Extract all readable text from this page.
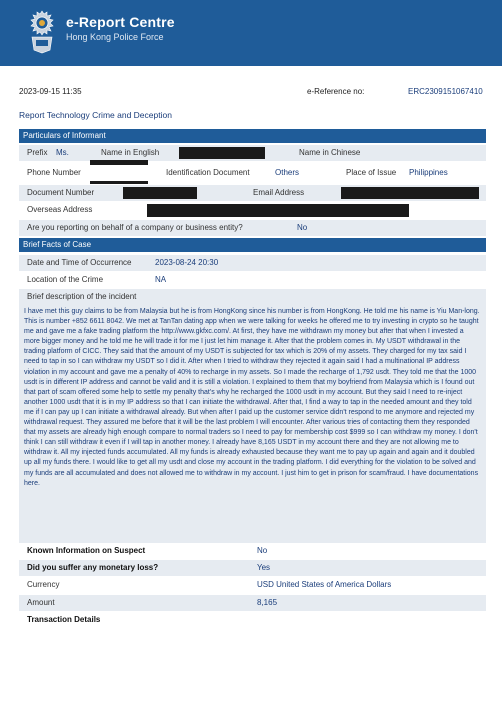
e-Report Centre
Hong Kong Police Force
2023-09-15 11:35	e-Reference no:	ERC2309151067410
Report Technology Crime and Deception
Particulars of Informant
Prefix Ms.	Name in English	Name in Chinese
Phone Number	Identification Document	Others	Place of Issue Philippines
Document Number	Email Address
Overseas Address
Are you reporting on behalf of a company or business entity?	No
Brief Facts of Case
Date and Time of Occurrence	2023-08-24 20:30
Location of the Crime	NA
Brief description of the incident

I have met this guy claims to be from Malaysia but he is from HongKong since his number is from HongKong. He told me his name is Yiu Man-long. This is number +852 6611 8042. We met at TanTan dating app when we were talking for weeks he offered me to try investing in crypto so he taught me and gave me a fake trading platform the http://www.gkfxc.com/. At first, they have me withdrawn my money but after that when I invested a more bigger money and he told me he will trade it for me I just let him manage it. After that the problem comes in. My USDT withdrawal in the trading platform of CICC. They said that the amount of my USDT is subjected for tax which is 20% of my assets. They charged for my tax said I need to tap in so I can withdraw my USDT so I did it. After when I tried to withdraw they rejected it again said I had a multinational IP address violation in my account and gave me a penalty of 40% to recharge in my assets. So I made the recharge of 1,792 usdt. They told me that the 1000 usdt is in different IP address and cannot be valid and it is still a violation. I explained to them that my boyfriend from Malaysia which is I found out that part of scam offered some help to settle my penalty that's why he recharged the 1000 usdt in my account. But they said I need to re-inject another 1000 usdt that it is in my IP address so that I can initiate the withdrawal. After that, I find a way to tap in the needed amount and they told me if I can pay up I can initiate a withdrawal already. But when after I paid up the customer service didn't respond to me anymore and rejected my withdrawal request. They assured me before that it will be the last problem I will encounter. After various tries of contacting them they responded that my assets are already high enough compare to normal traders so I need to pay for membership cost $999 so I can withdraw my money. I don't think I can still withdraw it even if I will tap in another money. I already have 8,165 USDT in my account there and they are not allowing me to withdraw it. All my injected funds accumulated. All my funds is already exhausted because they want me to pay up again and again and it doubled up all my funds there. I would like to get all my usdt and close my account in the trading platform. I did everything for the violation to be solved and my funds are all accumulated and does not allowed me to withdraw in my account. I just him to get in prison for scam/fraud. I have documentations here.

Known Information on Suspect	No
Did you suffer any monetary loss?	Yes
Currency	USD United States of America Dollars
Amount	8,165
Transaction Details
